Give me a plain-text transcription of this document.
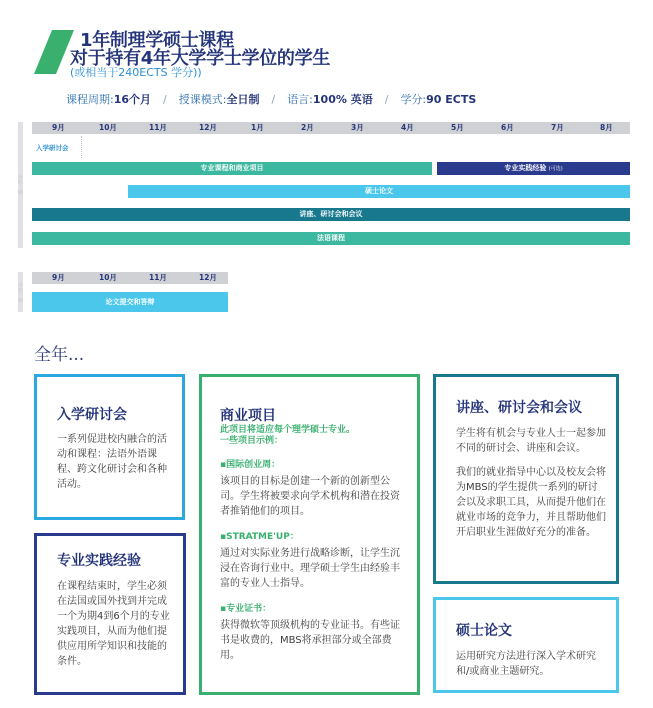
1年制理学硕士课程
对于持有4年大学学士学位的学生
(或相当于240ECTS 学分))
课程周期:16个月 / 授课模式:全日制 / 语言:100% 英语 / 学分:90 ECTS
第一学年
9月	10月	11月	12月	1月	2月	3月	4月	5月	6月	7月	8月
入学研讨会
专业课程和商业项目	专业实践经验 (可选)
硕士论文
讲座、研讨会和会议
法语课程
第二学年
9月	10月	11月	12月
论文提交和答辩
全年...
入学研讨会
一系列促进校内融合的活动和课程：法语外语课程、跨文化研讨会和各种活动。
专业实践经验
在课程结束时，学生必须在法国或国外找到并完成一个为期4到6个月的专业实践项目，从而为他们提供应用所学知识和技能的条件。
商业项目
此项目将适应每个理学硕士专业。
一些项目示例：
▪国际创业周：
该项目的目标是创建一个新的创新型公司。学生将被要求向学术机构和潜在投资者推销他们的项目。
▪STRATME'UP：
通过对实际业务进行战略诊断，让学生沉浸在咨询行业中。理学硕士学生由经验丰富的专业人士指导。
▪专业证书：
获得微软等顶级机构的专业证书。有些证书是收费的，MBS将承担部分或全部费用。
讲座、研讨会和会议
学生将有机会与专业人士一起参加不同的研讨会、讲座和会议。
我们的就业指导中心以及校友会将为MBS的学生提供一系列的研讨会以及求职工具，从而提升他们在就业市场的竞争力，并且帮助他们开启职业生涯做好充分的准备。
硕士论文
运用研究方法进行深入学术研究和/或商业主题研究。
